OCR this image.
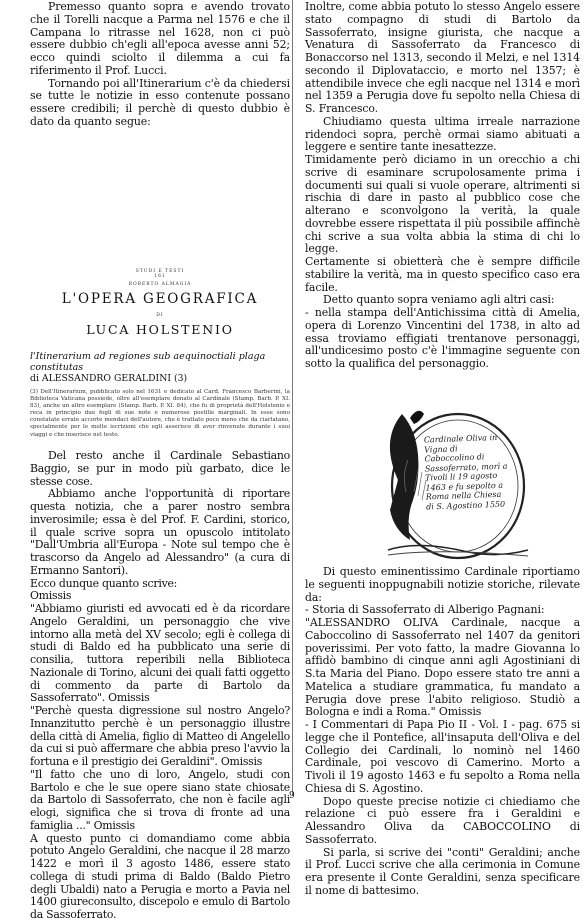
Premesso quanto sopra e avendo trovato che il Torelli nacque a Parma nel 1576 e che il Campana lo ritrasse nel 1628, non ci può essere dubbio ch'egli all'epoca avesse anni 52; ecco quindi sciolto il dilemma a cui fa riferimento il Prof. Lucci.

Tornando poi all'Itinerarium c'è da chiedersi se tutte le notizie in esso contenute possano essere credibili; il perchè di questo dubbio è dato da quanto segue:

STUDI E TESTI
161
ROBERTO ALMAGIÀ
L'OPERA GEOGRAFICA
DI
LUCA HOLSTENIO
l'Itinerarium ad regiones sub aequinoctiali plaga constitutas
di ALESSANDRO GERALDINI (3)
(3) Dell'Itinerarium, pubblicato solo nel 1631 e dedicato al Card. Francesco Barberini, la Biblioteca Vaticana possiede, oltre all'esemplare donato al Cardinale (Stamp. Barb. P. XI. 83), anche un altro esemplare (Stamp. Barb. P. XI. 84), che fu di proprietà dell'Holstenio e reca in principio due fogli di sue note e numerose postille marginali. In esse sono constatate errate accorte mendaci dell'autore, che è trattato poco meno che da ciarlatano, specialmente per le molte iscrizioni che egli asserisce di aver rinvenute durante i suoi viaggi e che inserisce nel testo.

Del resto anche il Cardinale Sebastiano Baggio, se pur in modo più garbato, dice le stesse cose.

Abbiamo anche l'opportunità di riportare questa notizia, che a parer nostro sembra inverosimile; essa è del Prof. F. Cardini, storico, il quale scrive sopra un opuscolo intitolato "Dall'Umbria all'Europa - Note sul tempo che è trascorso da Angelo ad Alessandro" (a cura di Ermanno Santori).

Ecco dunque quanto scrive:

Omissis

"Abbiamo giuristi ed avvocati ed è da ricordare Angelo Geraldini, un personaggio che vive intorno alla metà del XV secolo; egli è collega di studi di Baldo ed ha pubblicato una serie di consilia, tuttora reperibili nella Biblioteca Nazionale di Torino, alcuni dei quali fatti oggetto di commento da parte di Bartolo da Sassoferrato". Omissis

"Perchè questa digressione sul nostro Angelo? Innanzitutto perchè è un personaggio illustre della città di Amelia, figlio di Matteo di Angelello da cui si può affermare che abbia preso l'avvio la fortuna e il prestigio dei Geraldini". Omissis

"Il fatto che uno di loro, Angelo, studi con Bartolo e che le sue opere siano state chiosate da Bartolo di Sassoferrato, che non è facile agli elogi, significa che si trova di fronte ad una famiglia ..." Omissis

A questo punto ci domandiamo come abbia potuto Angelo Geraldini, che nacque il 28 marzo 1422 e morì il 3 agosto 1486, essere stato collega di studi prima di Baldo (Baldo Pietro degli Ubaldi) nato a Perugia e morto a Pavia nel 1400 giureconsulto, discepolo e emulo di Bartolo da Sassoferrato.

Inoltre, come abbia potuto lo stesso Angelo essere stato compagno di studi di Bartolo da Sassoferrato, insigne giurista, che nacque a Venatura di Sassoferrato da Francesco di Bonaccorso nel 1313, secondo il Melzi, e nel 1314 secondo il Diplovataccio, e morto nel 1357; è attendibile invece che egli nacque nel 1314 e morì nel 1359 a Perugia dove fu sepolto nella Chiesa di S. Francesco.

Chiudiamo questa ultima irreale narrazione ridendoci sopra, perchè ormai siamo abituati a leggere e sentire tante inesattezze.

Timidamente però diciamo in un orecchio a chi scrive di esaminare scrupolosamente prima i documenti sui quali si vuole operare, altrimenti si rischia di dare in pasto al pubblico cose che alterano e sconvolgono la verità, la quale dovrebbe essere rispettata il più possibile affinchè chi scrive a sua volta abbia la stima di chi lo legge.

Certamente si obietterà che è sempre difficile stabilire la verità, ma in questo specifico caso era facile.

Detto quanto sopra veniamo agli altri casi:

- nella stampa dell'Antichissima città di Amelia, opera di Lorenzo Vincentini del 1738, in alto ad essa troviamo effigiati trentanove personaggi, all'undicesimo posto c'è l'immagine seguente con sotto la qualifica del personaggio.

Cardinale Oliva in Vigna di Caboccolino di Sassoferrato, morì a Tivoli li 19 agosto 1463 e fu sepolto a Roma nella Chiesa di S. Agostino 1550

Di questo eminentissimo Cardinale riportiamo le seguenti inoppugnabili notizie storiche, rilevate da:

- Storia di Sassoferrato di Alberigo Pagnani:

"ALESSANDRO OLIVA Cardinale, nacque a Caboccolino di Sassoferrato nel 1407 da genitori poverissimi. Per voto fatto, la madre Giovanna lo affidò bambino di cinque anni agli Agostiniani di S.ta Maria del Piano. Dopo essere stato tre anni a Matelica a studiare grammatica, fu mandato a Perugia dove prese l'abito religioso. Studiò a Bologna e indi a Roma." Omissis

- I Commentari di Papa Pio II - Vol. I - pag. 675 si legge che il Pontefice, all'insaputa dell'Oliva e del Collegio dei Cardinali, lo nominò nel 1460 Cardinale, poi vescovo di Camerino. Morto a Tivoli il 19 agosto 1463 e fu sepolto a Roma nella Chiesa di S. Agostino.

Dopo queste precise notizie ci chiediamo che relazione ci può essere fra i Geraldini e Alessandro Oliva da CABOCCOLINO di Sassoferrato.

Si parla, si scrive dei "conti" Geraldini; anche il Prof. Lucci scrive che alla cerimonia in Comune era presente il Conte Geraldini, senza specificare il nome di battesimo.

9
